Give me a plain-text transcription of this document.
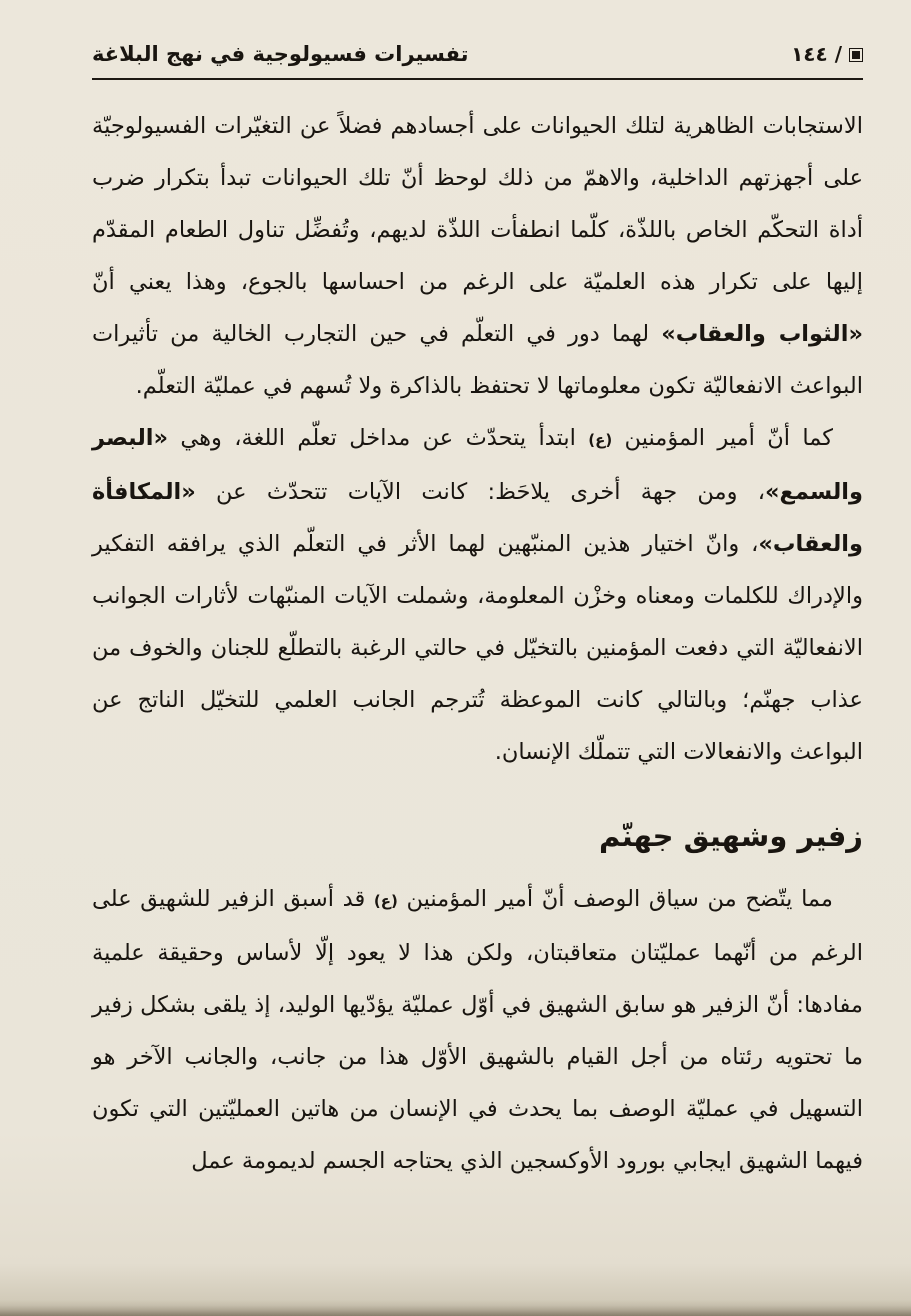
/
١٤٤
تفسيرات فسيولوجية في نهج البلاغة

الاستجابات الظاهرية لتلك الحيوانات على أجسادهم فضلاً عن التغيّرات الفسيولوجيّة على أجهزتهم الداخلية، والاهمّ من ذلك لوحظ أنّ تلك الحيوانات تبدأ بتكرار ضرب أداة التحكّم الخاص باللذّة، كلّما انطفأت اللذّة لديهم، وتُفضِّل تناول الطعام المقدّم إليها على تكرار هذه العلميّة على الرغم من احساسها بالجوع، وهذا يعني أنّ «الثواب والعقاب» لهما دور في التعلّم في حين التجارب الخالية من تأثيرات البواعث الانفعاليّة تكون معلوماتها لا تحتفظ بالذاكرة ولا تُسهم في عمليّة التعلّم.

كما أنّ أمير المؤمنين (ع) ابتدأ يتحدّث عن مداخل تعلّم اللغة، وهي «البصر والسمع»، ومن جهة أخرى يلاحَظ: كانت الآيات تتحدّث عن «المكافأة والعقاب»، وانّ اختيار هذين المنبّهين لهما الأثر في التعلّم الذي يرافقه التفكير والإدراك للكلمات ومعناه وخزْن المعلومة، وشملت الآيات المنبّهات لأثارات الجوانب الانفعاليّة التي دفعت المؤمنين بالتخيّل في حالتي الرغبة بالتطلّع للجنان والخوف من عذاب جهنّم؛ وبالتالي كانت الموعظة تُترجم الجانب العلمي للتخيّل الناتج عن البواعث والانفعالات التي تتملّك الإنسان.

زفير وشهيق جهنّم

مما يتّضح من سياق الوصف أنّ أمير المؤمنين (ع) قد أسبق الزفير للشهيق على الرغم من أنّهما عمليّتان متعاقبتان، ولكن هذا لا يعود إلّا لأساس وحقيقة علمية مفادها: أنّ الزفير هو سابق الشهيق في أوّل عمليّة يؤدّيها الوليد، إذ يلقى بشكل زفير ما تحتويه رئتاه من أجل القيام بالشهيق الأوّل هذا من جانب، والجانب الآخر هو التسهيل في عمليّة الوصف بما يحدث في الإنسان من هاتين العمليّتين التي تكون فيهما الشهيق ايجابي بورود الأوكسجين الذي يحتاجه الجسم لديمومة عمل
